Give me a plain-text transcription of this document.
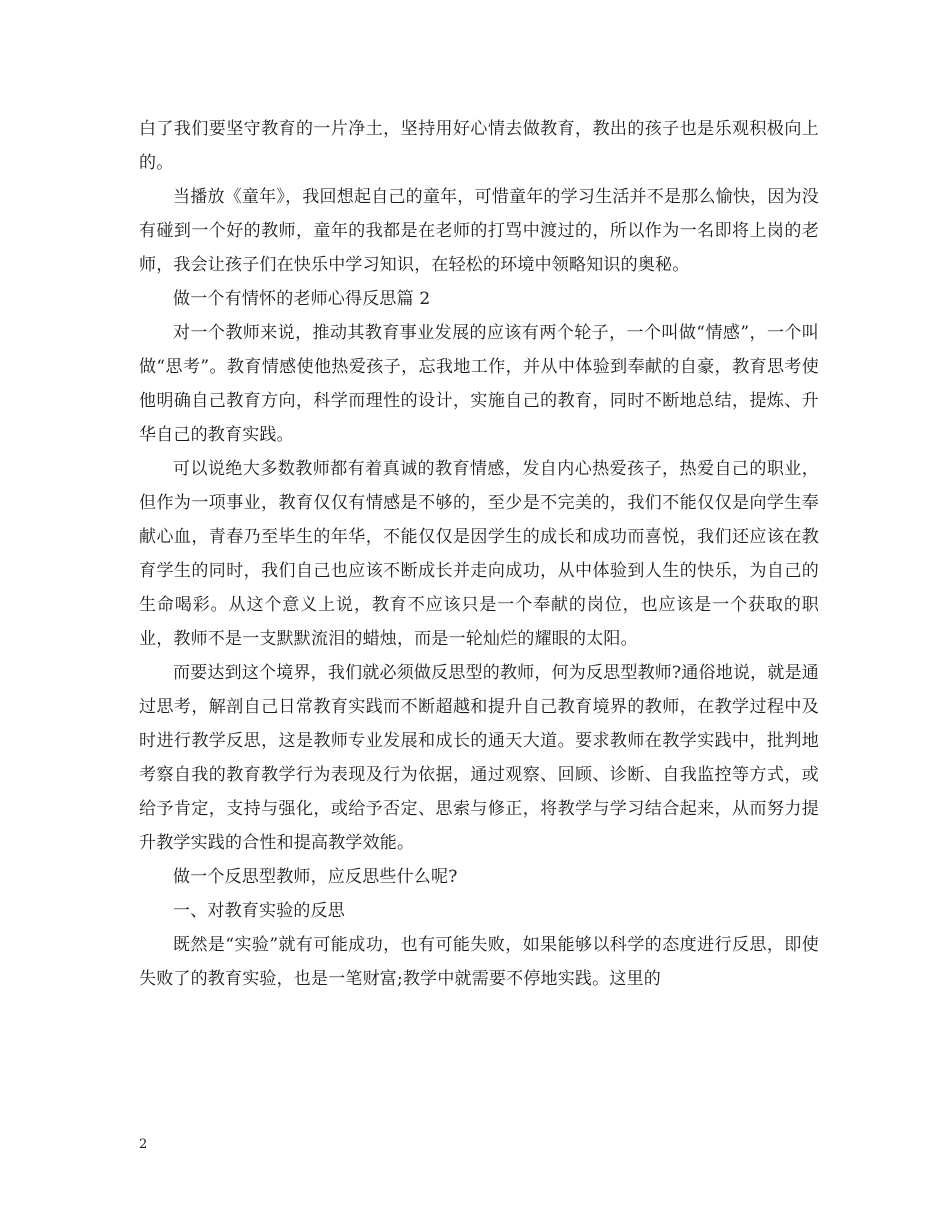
白了我们要坚守教育的一片净土，坚持用好心情去做教育，教出的孩子也是乐观积极向上的。

当播放《童年》，我回想起自己的童年，可惜童年的学习生活并不是那么愉快，因为没有碰到一个好的教师，童年的我都是在老师的打骂中渡过的，所以作为一名即将上岗的老师，我会让孩子们在快乐中学习知识，在轻松的环境中领略知识的奥秘。

做一个有情怀的老师心得反思篇 2

对一个教师来说，推动其教育事业发展的应该有两个轮子，一个叫做“情感”，一个叫做“思考”。教育情感使他热爱孩子，忘我地工作，并从中体验到奉献的自豪，教育思考使他明确自己教育方向，科学而理性的设计，实施自己的教育，同时不断地总结，提炼、升华自己的教育实践。

可以说绝大多数教师都有着真诚的教育情感，发自内心热爱孩子，热爱自己的职业，但作为一项事业，教育仅仅有情感是不够的，至少是不完美的，我们不能仅仅是向学生奉献心血，青春乃至毕生的年华，不能仅仅是因学生的成长和成功而喜悦，我们还应该在教育学生的同时，我们自己也应该不断成长并走向成功，从中体验到人生的快乐，为自己的生命喝彩。从这个意义上说，教育不应该只是一个奉献的岗位，也应该是一个获取的职业，教师不是一支默默流泪的蜡烛，而是一轮灿烂的耀眼的太阳。

而要达到这个境界，我们就必须做反思型的教师，何为反思型教师?通俗地说，就是通过思考，解剖自己日常教育实践而不断超越和提升自己教育境界的教师，在教学过程中及时进行教学反思，这是教师专业发展和成长的通天大道。要求教师在教学实践中，批判地考察自我的教育教学行为表现及行为依据，通过观察、回顾、诊断、自我监控等方式，或给予肯定，支持与强化，或给予否定、思索与修正，将教学与学习结合起来，从而努力提升教学实践的合性和提高教学效能。

做一个反思型教师，应反思些什么呢?

一、对教育实验的反思

既然是“实验”就有可能成功，也有可能失败，如果能够以科学的态度进行反思，即使失败了的教育实验，也是一笔财富;教学中就需要不停地实践。这里的

2
